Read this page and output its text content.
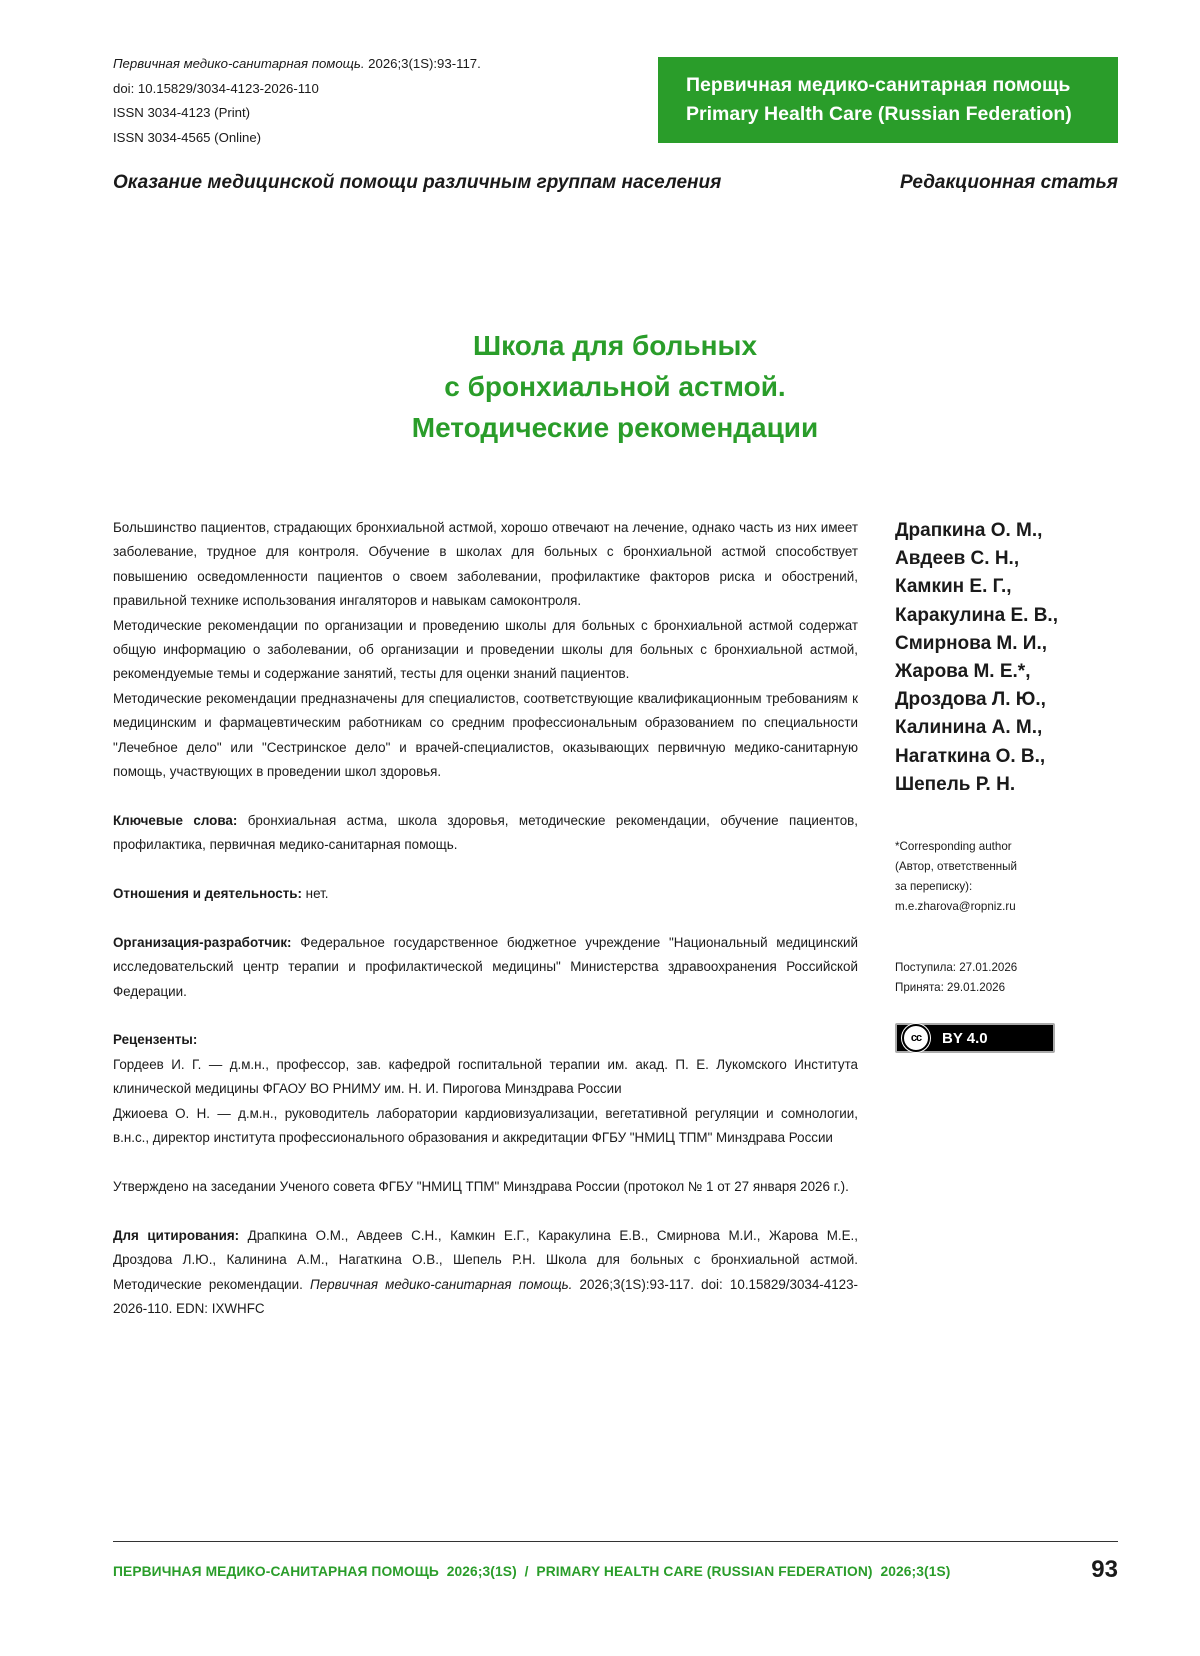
Первичная медико-санитарная помощь. 2026;3(1S):93-117.
doi: 10.15829/3034-4123-2026-110
ISSN 3034-4123 (Print)
ISSN 3034-4565 (Online)
Первичная медико-санитарная помощь
Primary Health Care (Russian Federation)
Оказание медицинской помощи различным группам населения	Редакционная статья
Школа для больных
с бронхиальной астмой.
Методические рекомендации

Большинство пациентов, страдающих бронхиальной астмой, хорошо отвечают на лечение, однако часть из них имеет заболевание, трудное для контроля. Обучение в школах для больных с бронхиальной астмой способствует повышению осведомленности пациентов о своем заболевании, профилактике факторов риска и обострений, правильной технике использования ингаляторов и навыкам самоконтроля.

Методические рекомендации по организации и проведению школы для больных с бронхиальной астмой содержат общую информацию о заболевании, об организации и проведении школы для больных с бронхиальной астмой, рекомендуемые темы и содержание занятий, тесты для оценки знаний пациентов.

Методические рекомендации предназначены для специалистов, соответствующие квалификационным требованиям к медицинским и фармацевтическим работникам со средним профессиональным образованием по специальности "Лечебное дело" или "Сестринское дело" и врачей-специалистов, оказывающих первичную медико-санитарную помощь, участвующих в проведении школ здоровья.

Ключевые слова: бронхиальная астма, школа здоровья, методические рекомендации, обучение пациентов, профилактика, первичная медико-санитарная помощь.

Отношения и деятельность: нет.

Организация-разработчик: Федеральное государственное бюджетное учреждение "Национальный медицинский исследовательский центр терапии и профилактической медицины" Министерства здравоохранения Российской Федерации.

Рецензенты:

Гордеев И. Г. — д.м.н., профессор, зав. кафедрой госпитальной терапии им. акад. П. Е. Лукомского Института клинической медицины ФГАОУ ВО РНИМУ им. Н. И. Пирогова Минздрава России

Джиоева О. Н. — д.м.н., руководитель лаборатории кардиовизуализации, вегетативной регуляции и сомнологии, в.н.с., директор института профессионального образования и аккредитации ФГБУ "НМИЦ ТПМ" Минздрава России

Утверждено на заседании Ученого совета ФГБУ "НМИЦ ТПМ" Минздрава России (протокол № 1 от 27 января 2026 г.).

Для цитирования: Драпкина О.М., Авдеев С.Н., Камкин Е.Г., Каракулина Е.В., Смирнова М.И., Жарова М.Е., Дроздова Л.Ю., Калинина А.М., Нагаткина О.В., Шепель Р.Н. Школа для больных с бронхиальной астмой. Методические рекомендации. Первичная медико-санитарная помощь. 2026;3(1S):93-117. doi: 10.15829/3034-4123-2026-110. EDN: IXWHFC

Драпкина О. М.,
Авдеев С. Н.,
Камкин Е. Г.,
Каракулина Е. В.,
Смирнова М. И.,
Жарова М. Е.*,
Дроздова Л. Ю.,
Калинина А. М.,
Нагаткина О. В.,
Шепель Р. Н.
*Corresponding author
(Автор, ответственный
за переписку):
m.e.zharova@ropniz.ru
Поступила: 27.01.2026
Принята: 29.01.2026
cc	BY 4.0
ПЕРВИЧНАЯ МЕДИКО-САНИТАРНАЯ ПОМОЩЬ  2026;3(1S)  /  PRIMARY HEALTH CARE (RUSSIAN FEDERATION)  2026;3(1S)	93
